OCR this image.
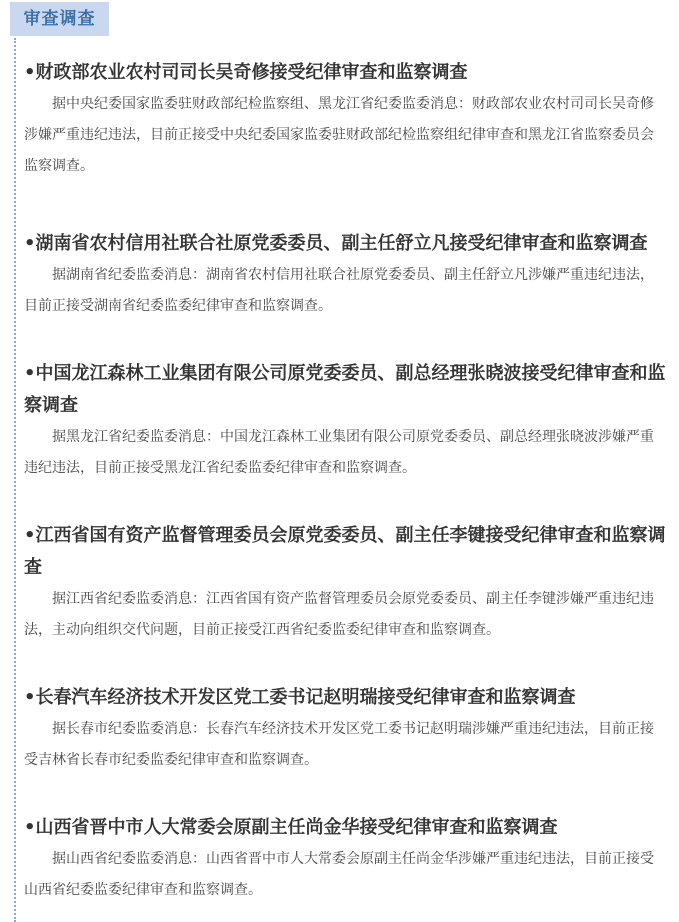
审查调查

•财政部农业农村司司长吴奇修接受纪律审查和监察调查

据中央纪委国家监委驻财政部纪检监察组、黑龙江省纪委监委消息：财政部农业农村司司长吴奇修涉嫌严重违纪违法，目前正接受中央纪委国家监委驻财政部纪检监察组纪律审查和黑龙江省监察委员会监察调查。

•湖南省农村信用社联合社原党委委员、副主任舒立凡接受纪律审查和监察调查

据湖南省纪委监委消息：湖南省农村信用社联合社原党委委员、副主任舒立凡涉嫌严重违纪违法，目前正接受湖南省纪委监委纪律审查和监察调查。

•中国龙江森林工业集团有限公司原党委委员、副总经理张晓波接受纪律审查和监察调查

据黑龙江省纪委监委消息：中国龙江森林工业集团有限公司原党委委员、副总经理张晓波涉嫌严重违纪违法，目前正接受黑龙江省纪委监委纪律审查和监察调查。

•江西省国有资产监督管理委员会原党委委员、副主任李键接受纪律审查和监察调查

据江西省纪委监委消息：江西省国有资产监督管理委员会原党委委员、副主任李键涉嫌严重违纪违法，主动向组织交代问题，目前正接受江西省纪委监委纪律审查和监察调查。

•长春汽车经济技术开发区党工委书记赵明瑞接受纪律审查和监察调查

据长春市纪委监委消息：长春汽车经济技术开发区党工委书记赵明瑞涉嫌严重违纪违法，目前正接受吉林省长春市纪委监委纪律审查和监察调查。

•山西省晋中市人大常委会原副主任尚金华接受纪律审查和监察调查

据山西省纪委监委消息：山西省晋中市人大常委会原副主任尚金华涉嫌严重违纪违法，目前正接受山西省纪委监委纪律审查和监察调查。
